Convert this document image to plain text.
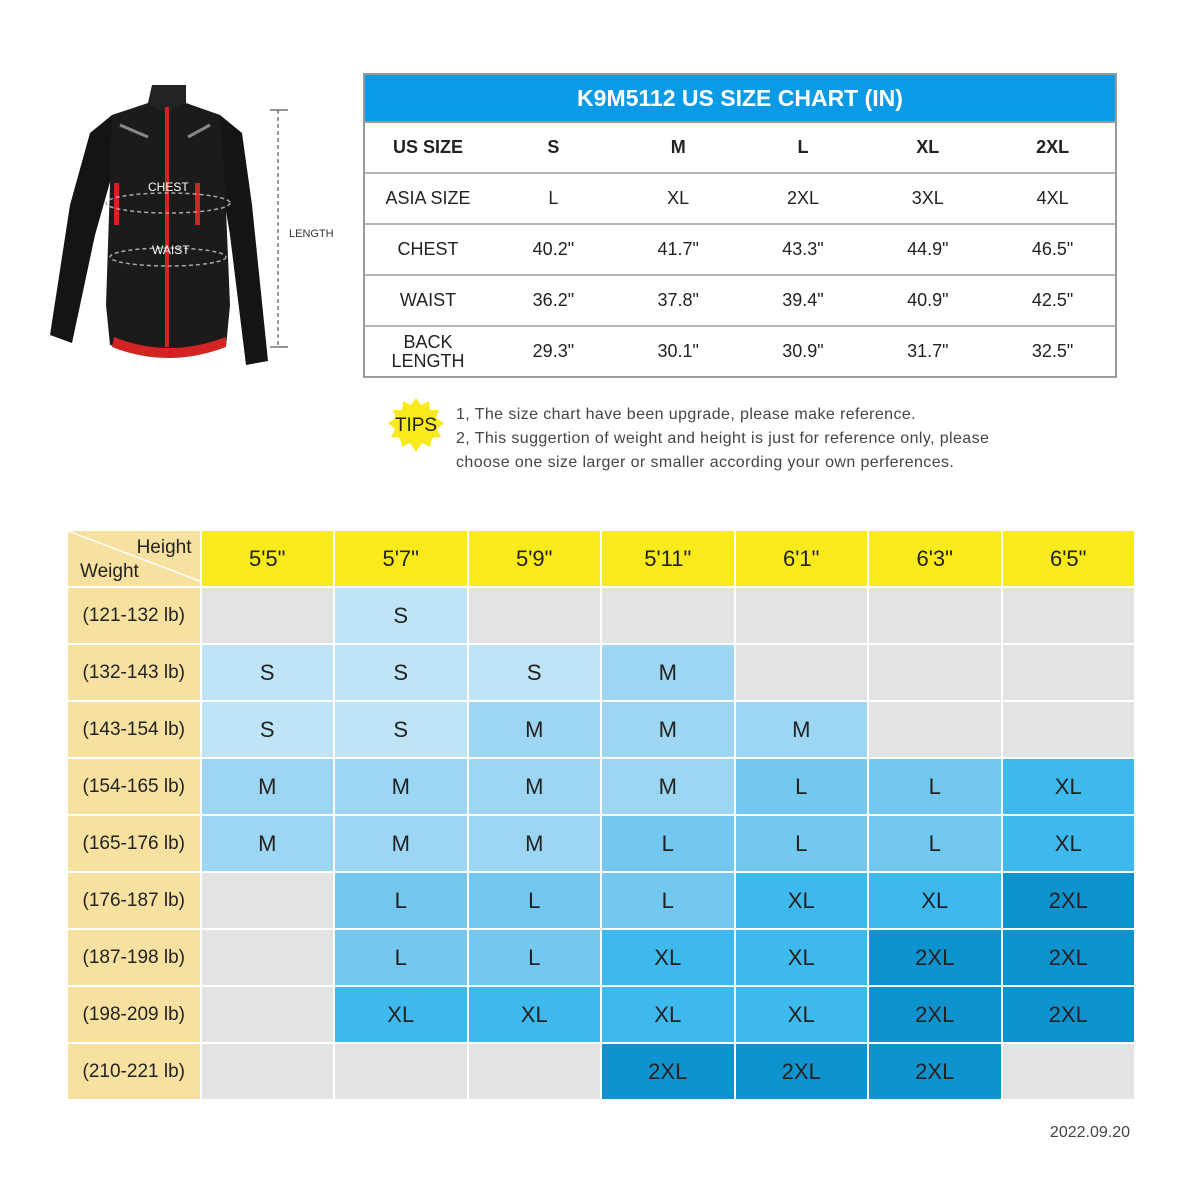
CHEST
WAIST
LENGTH
K9M5112 US SIZE CHART (IN)
US SIZE	S	M	L	XL	2XL
ASIA SIZE	L	XL	2XL	3XL	4XL
CHEST	40.2"	41.7"	43.3"	44.9"	46.5"
WAIST	36.2"	37.8"	39.4"	40.9"	42.5"

BACK
LENGTH	29.3"	30.1"	30.9"	31.7"	32.5"
TIPS
1, The size chart have been upgrade, please make reference.
2, This suggertion of weight and height is just for reference only, please
choose one size larger or smaller according your own perferences.
Height
Weight	5'5"	5'7"	5'9"	5'11"	6'1"	6'3"	6'5"
(121-132 lb)		S					
(132-143 lb)	S	S	S	M			
(143-154 lb)	S	S	M	M	M		
(154-165 lb)	M	M	M	M	L	L	XL
(165-176 lb)	M	M	M	L	L	L	XL
(176-187 lb)		L	L	L	XL	XL	2XL
(187-198 lb)		L	L	XL	XL	2XL	2XL
(198-209 lb)		XL	XL	XL	XL	2XL	2XL
(210-221 lb)				2XL	2XL	2XL	
2022.09.20
